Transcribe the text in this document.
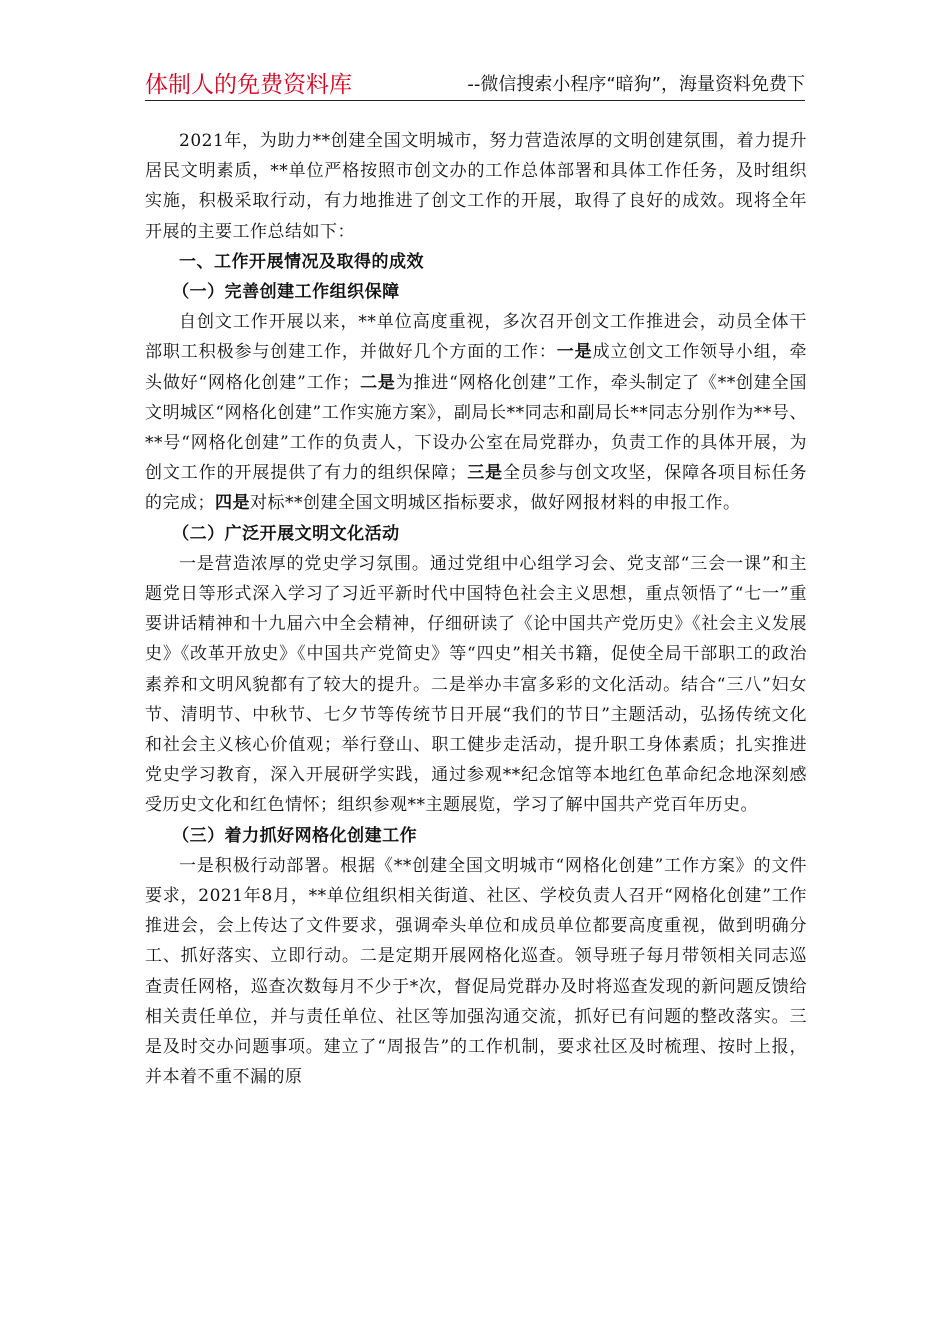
体制人的免费资料库	--微信搜索小程序“暗狗”，海量资料免费下

2021年，为助力**创建全国文明城市，努力营造浓厚的文明创建氛围，着力提升居民文明素质，**单位严格按照市创文办的工作总体部署和具体工作任务，及时组织实施，积极采取行动，有力地推进了创文工作的开展，取得了良好的成效。现将全年开展的主要工作总结如下：

一、工作开展情况及取得的成效

（一）完善创建工作组织保障

自创文工作开展以来，**单位高度重视，多次召开创文工作推进会，动员全体干部职工积极参与创建工作，并做好几个方面的工作：一是成立创文工作领导小组，牵头做好“网格化创建”工作；二是为推进“网格化创建”工作，牵头制定了《**创建全国文明城区“网格化创建”工作实施方案》，副局长**同志和副局长**同志分别作为**号、**号“网格化创建”工作的负责人，下设办公室在局党群办，负责工作的具体开展，为创文工作的开展提供了有力的组织保障；三是全员参与创文攻坚，保障各项目标任务的完成；四是对标**创建全国文明城区指标要求，做好网报材料的申报工作。

（二）广泛开展文明文化活动

一是营造浓厚的党史学习氛围。通过党组中心组学习会、党支部“三会一课”和主题党日等形式深入学习了习近平新时代中国特色社会主义思想，重点领悟了“七一”重要讲话精神和十九届六中全会精神，仔细研读了《论中国共产党历史》《社会主义发展史》《改革开放史》《中国共产党简史》等“四史”相关书籍，促使全局干部职工的政治素养和文明风貌都有了较大的提升。二是举办丰富多彩的文化活动。结合“三八”妇女节、清明节、中秋节、七夕节等传统节日开展“我们的节日”主题活动，弘扬传统文化和社会主义核心价值观；举行登山、职工健步走活动，提升职工身体素质；扎实推进党史学习教育，深入开展研学实践，通过参观**纪念馆等本地红色革命纪念地深刻感受历史文化和红色情怀；组织参观**主题展览，学习了解中国共产党百年历史。

（三）着力抓好网格化创建工作

一是积极行动部署。根据《**创建全国文明城市“网格化创建”工作方案》的文件要求，2021年8月，**单位组织相关街道、社区、学校负责人召开“网格化创建”工作推进会，会上传达了文件要求，强调牵头单位和成员单位都要高度重视，做到明确分工、抓好落实、立即行动。二是定期开展网格化巡查。领导班子每月带领相关同志巡查责任网格，巡查次数每月不少于*次，督促局党群办及时将巡查发现的新问题反馈给相关责任单位，并与责任单位、社区等加强沟通交流，抓好已有问题的整改落实。三是及时交办问题事项。建立了“周报告”的工作机制，要求社区及时梳理、按时上报，并本着不重不漏的原
